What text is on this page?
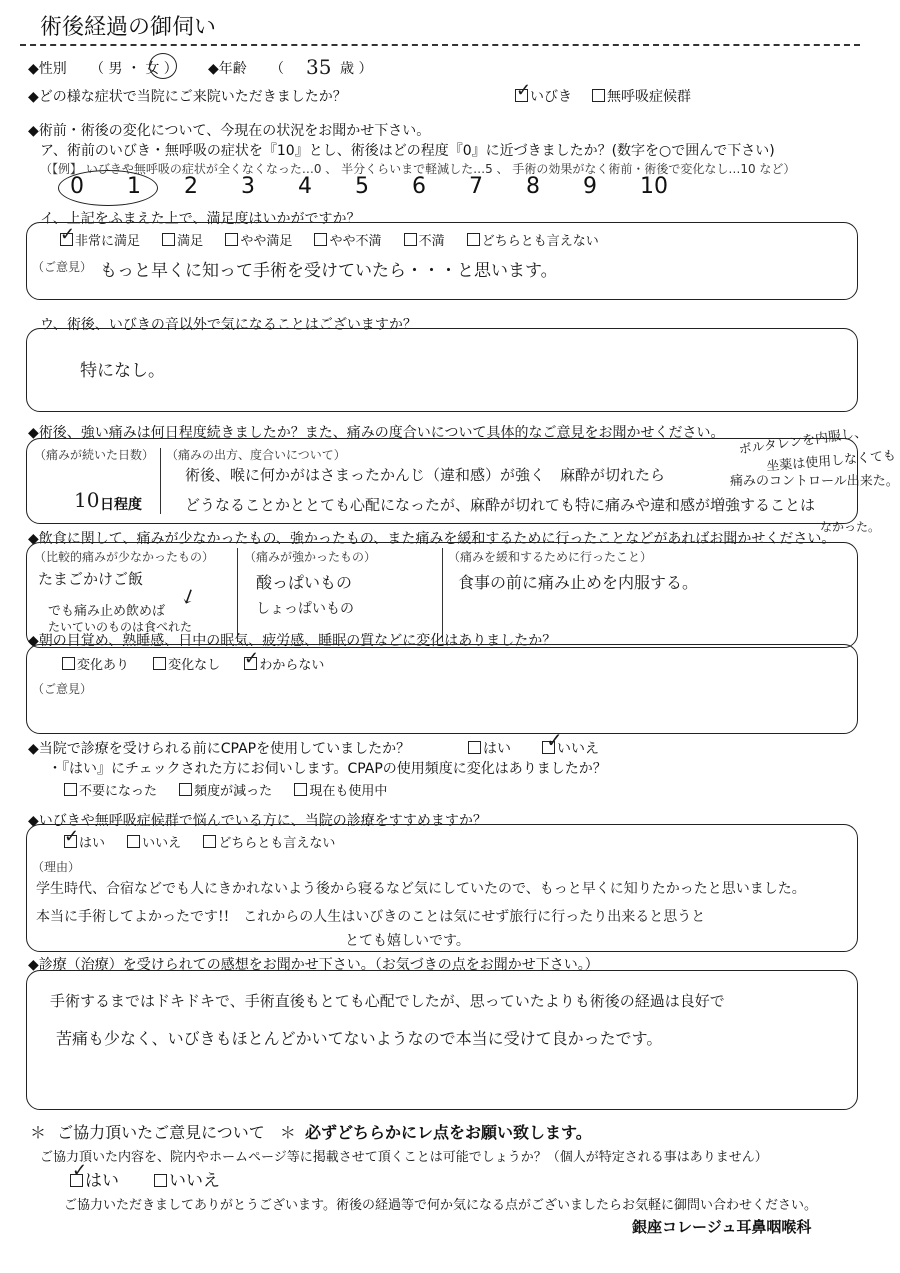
術後経過の御伺い
◆性別 （ 男 ・ 女 ） ◆年齢 （ 35 歳 ）
◆どの様な症状で当院にご来院いただきましたか？	いびき
✓	無呼吸症候群
◆術前・術後の変化について、今現在の状況をお聞かせ下さい。
ア、術前のいびき・無呼吸の症状を『10』とし、術後はどの程度『0』に近づきましたか？(数字を○で囲んで下さい)
（【例】 いびきや無呼吸の症状が全くなくなった…0 、 半分くらいまで軽減した…5 、 手術の効果がなく術前・術後で変化なし…10 など）
0 1 2 3 4 5 6 7 8 9 10
イ、上記をふまえた上で、満足度はいかがですか？
非常に満足	満足	やや満足	やや不満	不満	どちらとも言えない
✓
（ご意見） もっと早くに知って手術を受けていたら・・・と思います。
ウ、術後、いびきの音以外で気になることはございますか？
特になし。
◆術後、強い痛みは何日程度続きましたか？また、痛みの度合いについて具体的なご意見をお聞かせください。
（痛みが続いた日数）
10 日程度
（痛みの出方、度合いについて）
術後、喉に何かがはさまったかんじ（違和感）が強く　麻酔が切れたら
どうなることかととても心配になったが、麻酔が切れても特に痛みや違和感が増強することは
なかった。
ボルタレンを内服し、
坐薬は使用しなくても
痛みのコントロール出来た。
◆飲食に関して、痛みが少なかったもの、強かったもの、また痛みを緩和するために行ったことなどがあればお聞かせください。
（比較的痛みが少なかったもの）
たまごかけご飯
でも痛み止め飲めば
たいていのものは食べれた
↙
（痛みが強かったもの）
酸っぱいもの
しょっぱいもの
（痛みを緩和するために行ったこと）
食事の前に痛み止めを内服する。
◆朝の目覚め、熟睡感、日中の眠気、疲労感、睡眠の質などに変化はありましたか？
変化あり	変化なし	わからない
✓
（ご意見）
◆当院で診療を受けられる前にCPAPを使用していましたか？	はい	いいえ
✓
・『はい』にチェックされた方にお伺いします。CPAPの使用頻度に変化はありましたか？
不要になった	頻度が減った	現在も使用中
◆いびきや無呼吸症候群で悩んでいる方に、当院の診療をすすめますか？
はい	いいえ	どちらとも言えない
✓
（理由）
学生時代、合宿などでも人にきかれないよう後から寝るなど気にしていたので、もっと早くに知りたかったと思いました。
本当に手術してよかったです!!　これからの人生はいびきのことは気にせず旅行に行ったり出来ると思うと
とても嬉しいです。
◆診療（治療）を受けられての感想をお聞かせ下さい。（お気づきの点をお聞かせ下さい。）
手術するまではドキドキで、手術直後もとても心配でしたが、思っていたよりも術後の経過は良好で
苦痛も少なく、いびきもほとんどかいてないようなので本当に受けて良かったです。
＊ ご協力頂いたご意見について ＊ 必ずどちらかにレ点をお願い致します。
ご協力頂いた内容を、院内やホームページ等に掲載させて頂くことは可能でしょうか？（個人が特定される事はありません）
はい
✓	いいえ
ご協力いただきましてありがとうございます。術後の経過等で何か気になる点がございましたらお気軽に御問い合わせください。
銀座コレージュ耳鼻咽喉科
